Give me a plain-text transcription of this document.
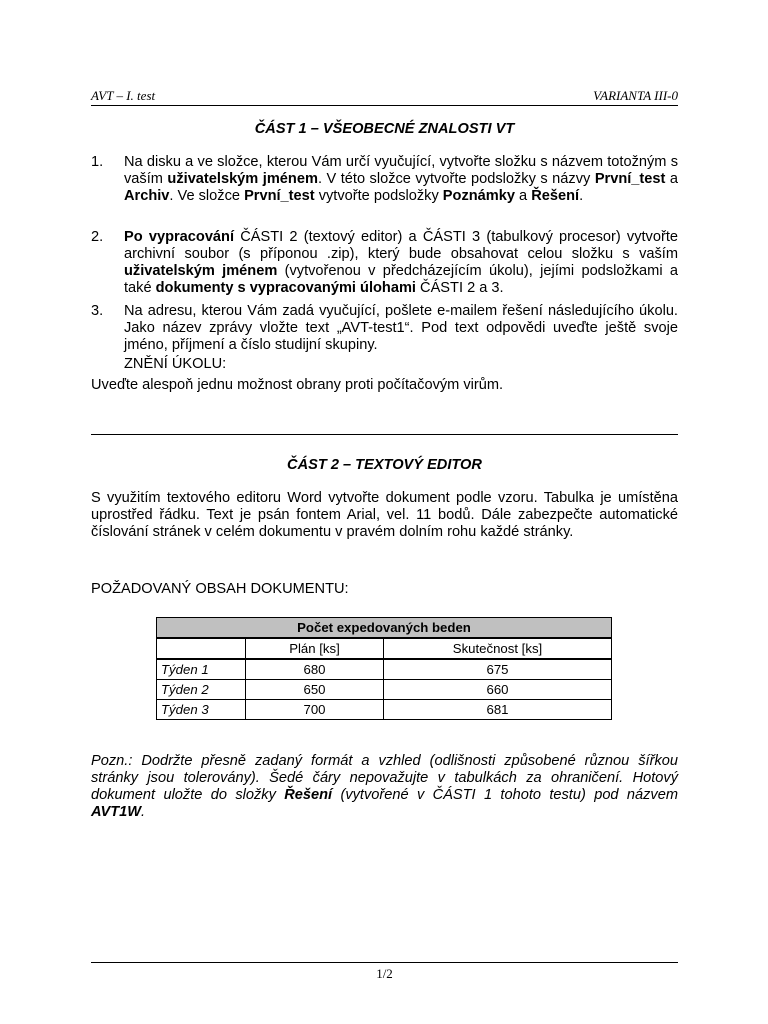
AVT – I. test	VARIANTA III-0
ČÁST 1 – VŠEOBECNÉ ZNALOSTI VT
1. Na disku a ve složce, kterou Vám určí vyučující, vytvořte složku s názvem totožným s vaším uživatelským jménem. V této složce vytvořte podsložky s názvy První_test a Archiv. Ve složce První_test vytvořte podsložky Poznámky a Řešení.
2. Po vypracování ČÁSTI 2 (textový editor) a ČÁSTI 3 (tabulkový procesor) vytvořte archivní soubor (s příponou .zip), který bude obsahovat celou složku s vaším uživatelským jménem (vytvořenou v předcházejícím úkolu), jejími podsložkami a také dokumenty s vypracovanými úlohami ČÁSTI 2 a 3.
3. Na adresu, kterou Vám zadá vyučující, pošlete e-mailem řešení následujícího úkolu. Jako název zprávy vložte text „AVT-test1“. Pod text odpovědi uveďte ještě svoje jméno, příjmení a číslo studijní skupiny.
ZNĚNÍ ÚKOLU:
Uveďte alespoň jednu možnost obrany proti počítačovým virům.
ČÁST 2 – TEXTOVÝ EDITOR
S využitím textového editoru Word vytvořte dokument podle vzoru. Tabulka je umístěna uprostřed řádku. Text je psán fontem Arial, vel. 11 bodů. Dále zabezpečte automatické číslování stránek v celém dokumentu v pravém dolním rohu každé stránky.
POŽADOVANÝ OBSAH DOKUMENTU:
Počet expedovaných beden		
	Plán [ks]	Skutečnost [ks]
Týden 1	680	675
Týden 2	650	660
Týden 3	700	681
Pozn.: Dodržte přesně zadaný formát a vzhled (odlišnosti způsobené různou šířkou stránky jsou tolerovány). Šedé čáry nepovažujte v tabulkách za ohraničení. Hotový dokument uložte do složky Řešení (vytvořené v ČÁSTI 1 tohoto testu) pod názvem AVT1W.
1/2
